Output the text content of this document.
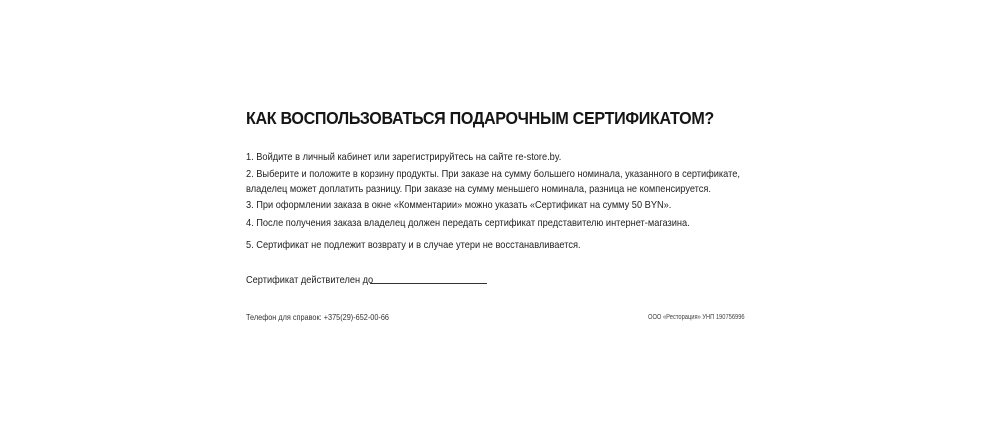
КАК ВОСПОЛЬЗОВАТЬСЯ ПОДАРОЧНЫМ СЕРТИФИКАТОМ?
1. Войдите в личный кабинет или зарегистрируйтесь на сайте re-store.by.
2. Выберите и положите в корзину продукты. При заказе на сумму большего номинала, указанного в сертификате,
владелец может доплатить разницу. При заказе на сумму меньшего номинала, разница не компенсируется.
3. При оформлении заказа в окне «Комментарии» можно указать «Сертификат на сумму 50 BYN».
4. После получения заказа владелец должен передать сертификат представителю интернет-магазина.
5. Сертификат не подлежит возврату и в случае утери не восстанавливается.
Сертификат действителен до
Телефон для справок: +375(29)-652-00-66	ООО «Ресторация» УНП 190756996
